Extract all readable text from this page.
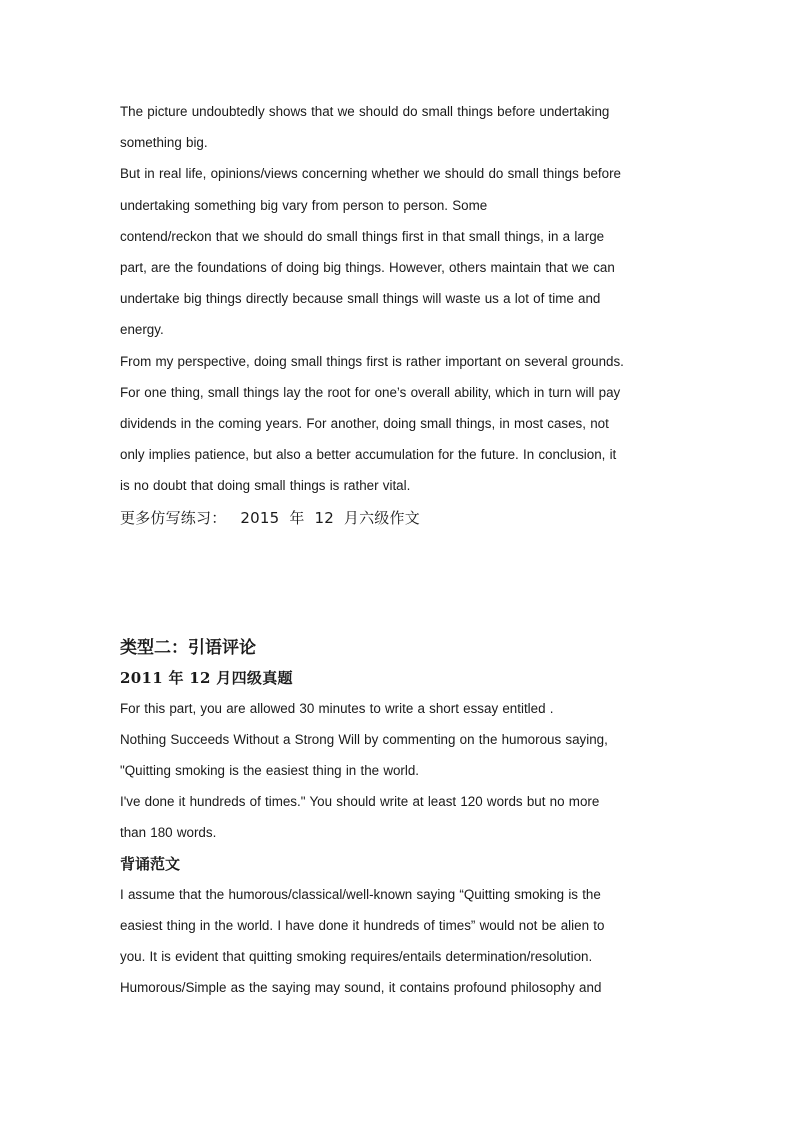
The picture undoubtedly shows that we should do small things before undertaking

something big.

But in real life, opinions/views concerning whether we should do small things before

undertaking something big vary from person to person. Some

contend/reckon that we should do small things first in that small things, in a large

part, are the foundations of doing big things. However, others maintain that we can

undertake big things directly because small things will waste us a lot of time and

energy.

From my perspective, doing small things first is rather important on several grounds.

For one thing, small things lay the root for one’s overall ability, which in turn will pay

dividends in the coming years. For another, doing small things, in most cases, not

only implies patience, but also a better accumulation for the future. In conclusion, it

is no doubt that doing small things is rather vital.

更多仿写练习： 2015 年 12 月六级作文

类型二：引语评论
2011 年 12 月四级真题

For this part, you are allowed 30 minutes to write a short essay entitled .

Nothing Succeeds Without a Strong Will by commenting on the humorous saying,

"Quitting smoking is the easiest thing in the world.

I've done it hundreds of times." You should write at least 120 words but no more

than 180 words.

背诵范文

I assume that the humorous/classical/well-known saying “Quitting smoking is the

easiest thing in the world. I have done it hundreds of times” would not be alien to

you. It is evident that quitting smoking requires/entails determination/resolution.

Humorous/Simple as the saying may sound, it contains profound philosophy and
